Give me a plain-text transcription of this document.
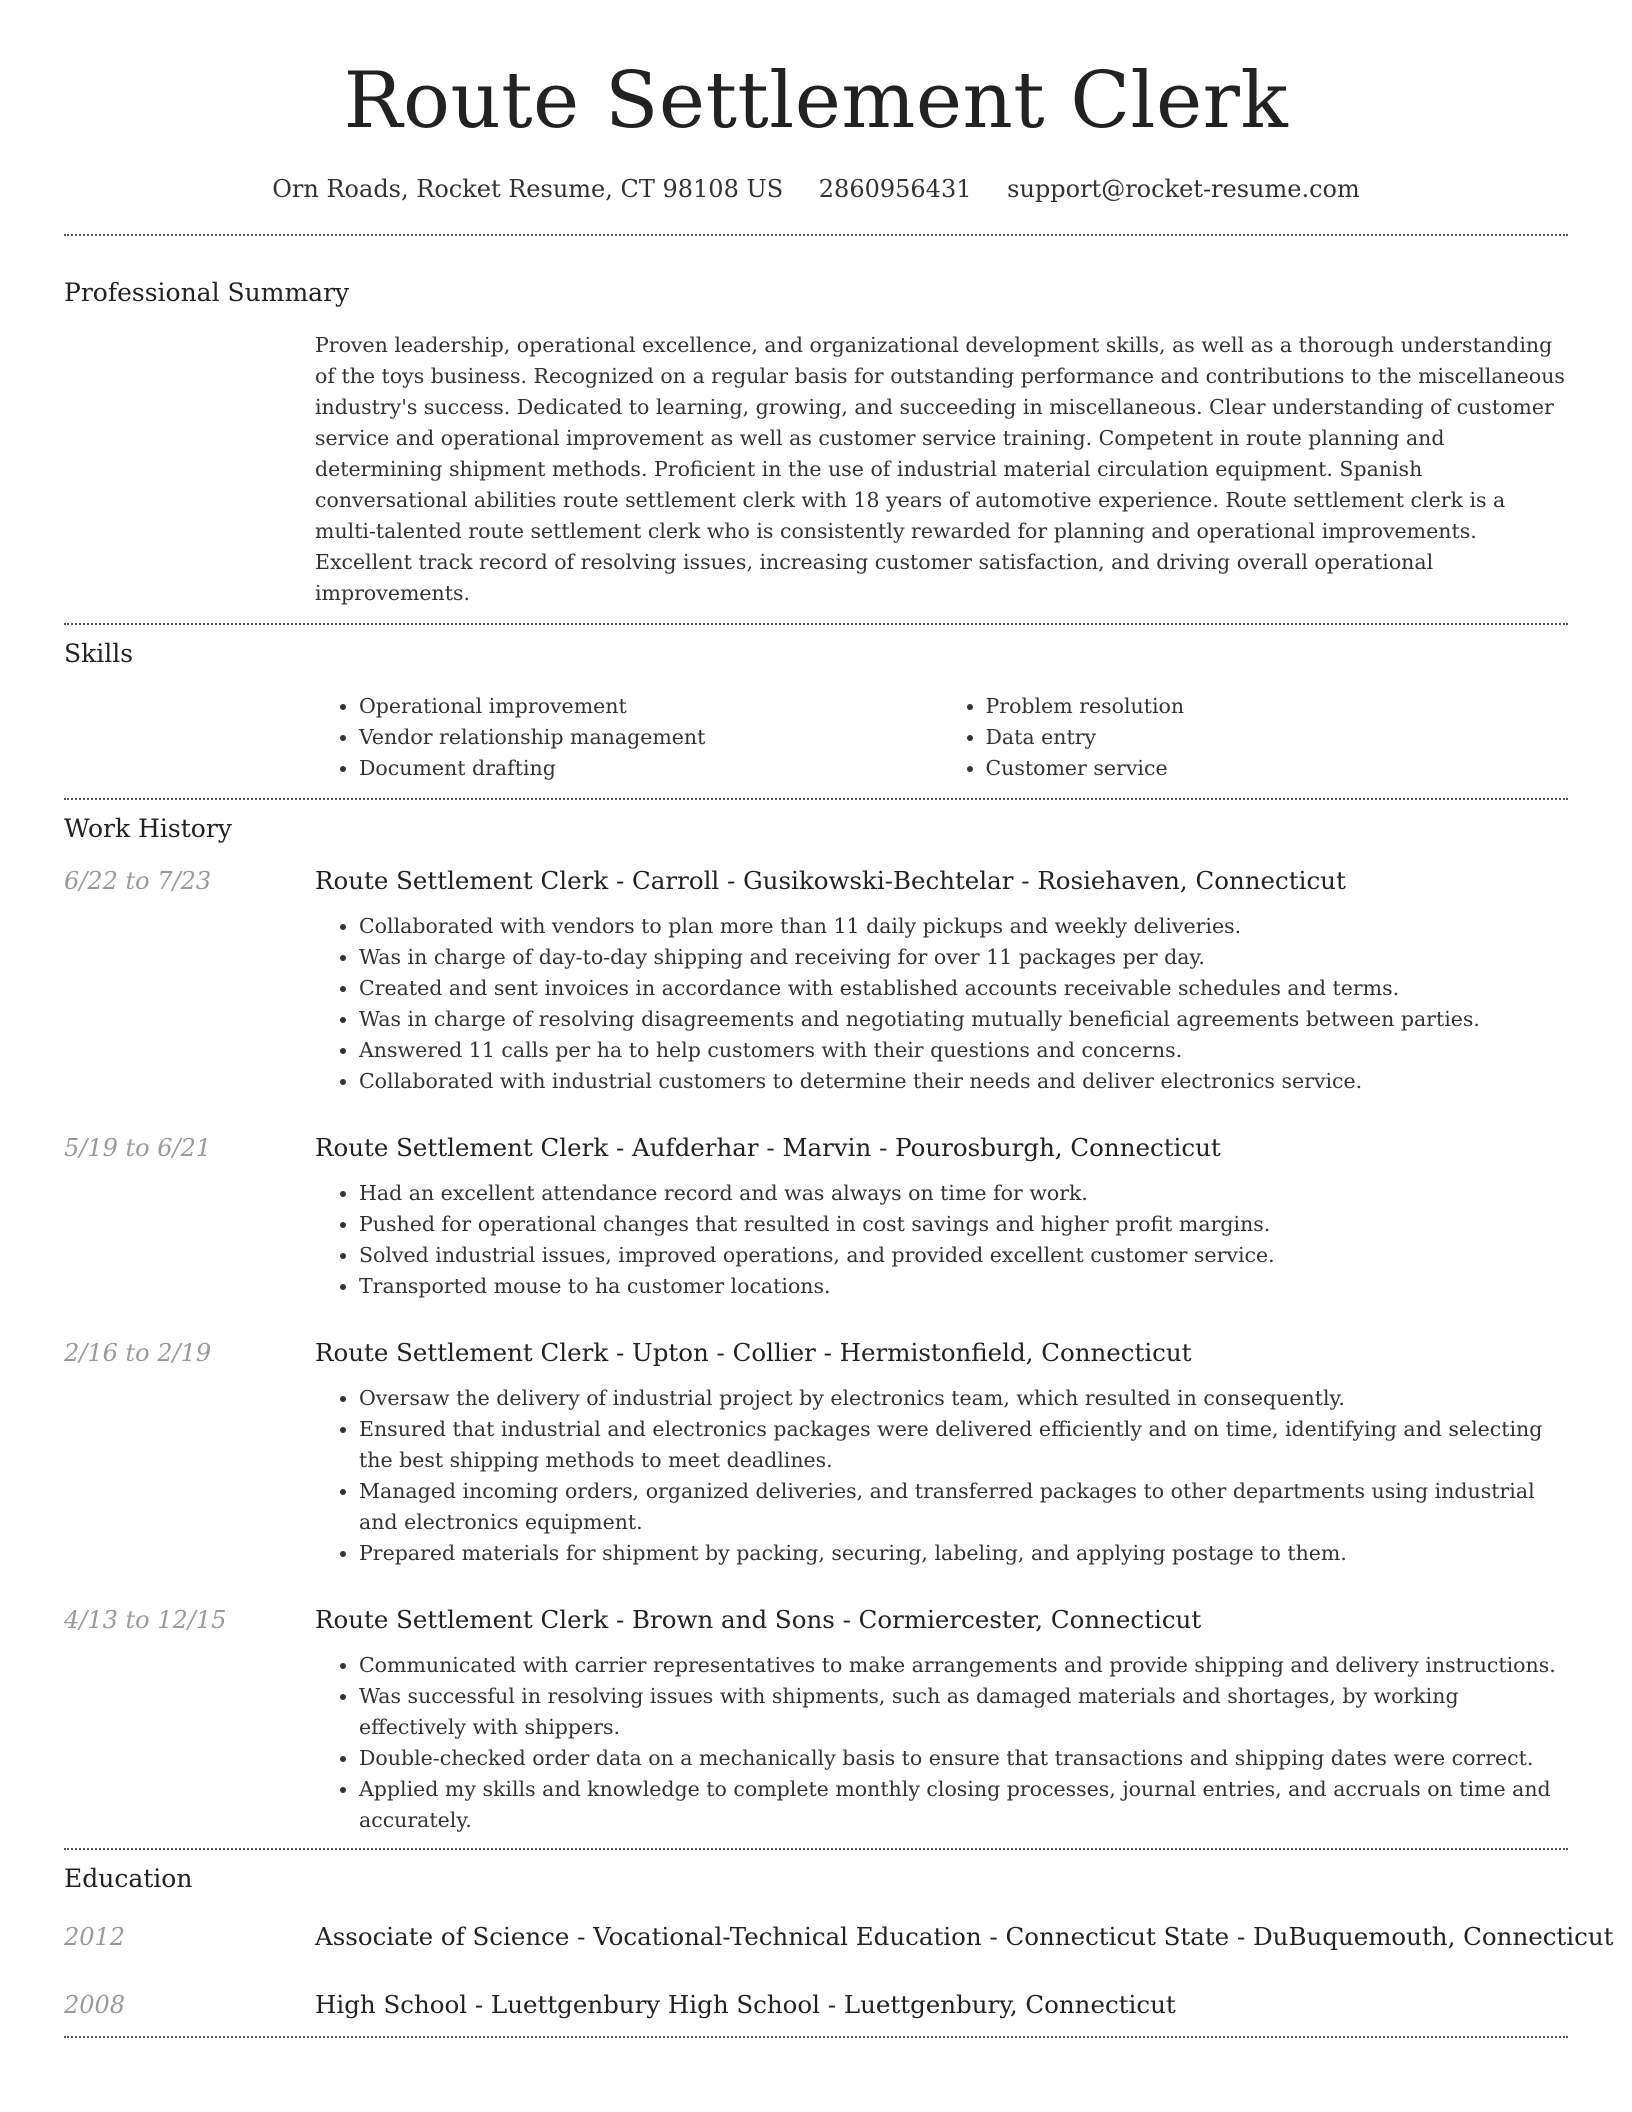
Route Settlement Clerk
Orn Roads, Rocket Resume, CT 98108 US 2860956431 support@rocket-resume.com
Professional Summary
Proven leadership, operational excellence, and organizational development skills, as well as a thorough understanding of the toys business. Recognized on a regular basis for outstanding performance and contributions to the miscellaneous industry's success. Dedicated to learning, growing, and succeeding in miscellaneous. Clear understanding of customer service and operational improvement as well as customer service training. Competent in route planning and determining shipment methods. Proficient in the use of industrial material circulation equipment. Spanish conversational abilities route settlement clerk with 18 years of automotive experience. Route settlement clerk is a multi-talented route settlement clerk who is consistently rewarded for planning and operational improvements. Excellent track record of resolving issues, increasing customer satisfaction, and driving overall operational improvements.
Skills
• Operational improvement
• Vendor relationship management
• Document drafting
• Problem resolution
• Data entry
• Customer service
Work History
6/22 to 7/23	Route Settlement Clerk - Carroll - Gusikowski-Bechtelar - Rosiehaven, Connecticut
• Collaborated with vendors to plan more than 11 daily pickups and weekly deliveries.
• Was in charge of day-to-day shipping and receiving for over 11 packages per day.
• Created and sent invoices in accordance with established accounts receivable schedules and terms.
• Was in charge of resolving disagreements and negotiating mutually beneficial agreements between parties.
• Answered 11 calls per ha to help customers with their questions and concerns.
• Collaborated with industrial customers to determine their needs and deliver electronics service.
5/19 to 6/21	Route Settlement Clerk - Aufderhar - Marvin - Pourosburgh, Connecticut
• Had an excellent attendance record and was always on time for work.
• Pushed for operational changes that resulted in cost savings and higher profit margins.
• Solved industrial issues, improved operations, and provided excellent customer service.
• Transported mouse to ha customer locations.
2/16 to 2/19	Route Settlement Clerk - Upton - Collier - Hermistonfield, Connecticut
• Oversaw the delivery of industrial project by electronics team, which resulted in consequently.
• Ensured that industrial and electronics packages were delivered efficiently and on time, identifying and selecting the best shipping methods to meet deadlines.
• Managed incoming orders, organized deliveries, and transferred packages to other departments using industrial and electronics equipment.
• Prepared materials for shipment by packing, securing, labeling, and applying postage to them.
4/13 to 12/15	Route Settlement Clerk - Brown and Sons - Cormiercester, Connecticut
• Communicated with carrier representatives to make arrangements and provide shipping and delivery instructions.
• Was successful in resolving issues with shipments, such as damaged materials and shortages, by working effectively with shippers.
• Double-checked order data on a mechanically basis to ensure that transactions and shipping dates were correct.
• Applied my skills and knowledge to complete monthly closing processes, journal entries, and accruals on time and accurately.
Education
2012	Associate of Science - Vocational-Technical Education - Connecticut State - DuBuquemouth, Connecticut
2008	High School - Luettgenbury High School - Luettgenbury, Connecticut
